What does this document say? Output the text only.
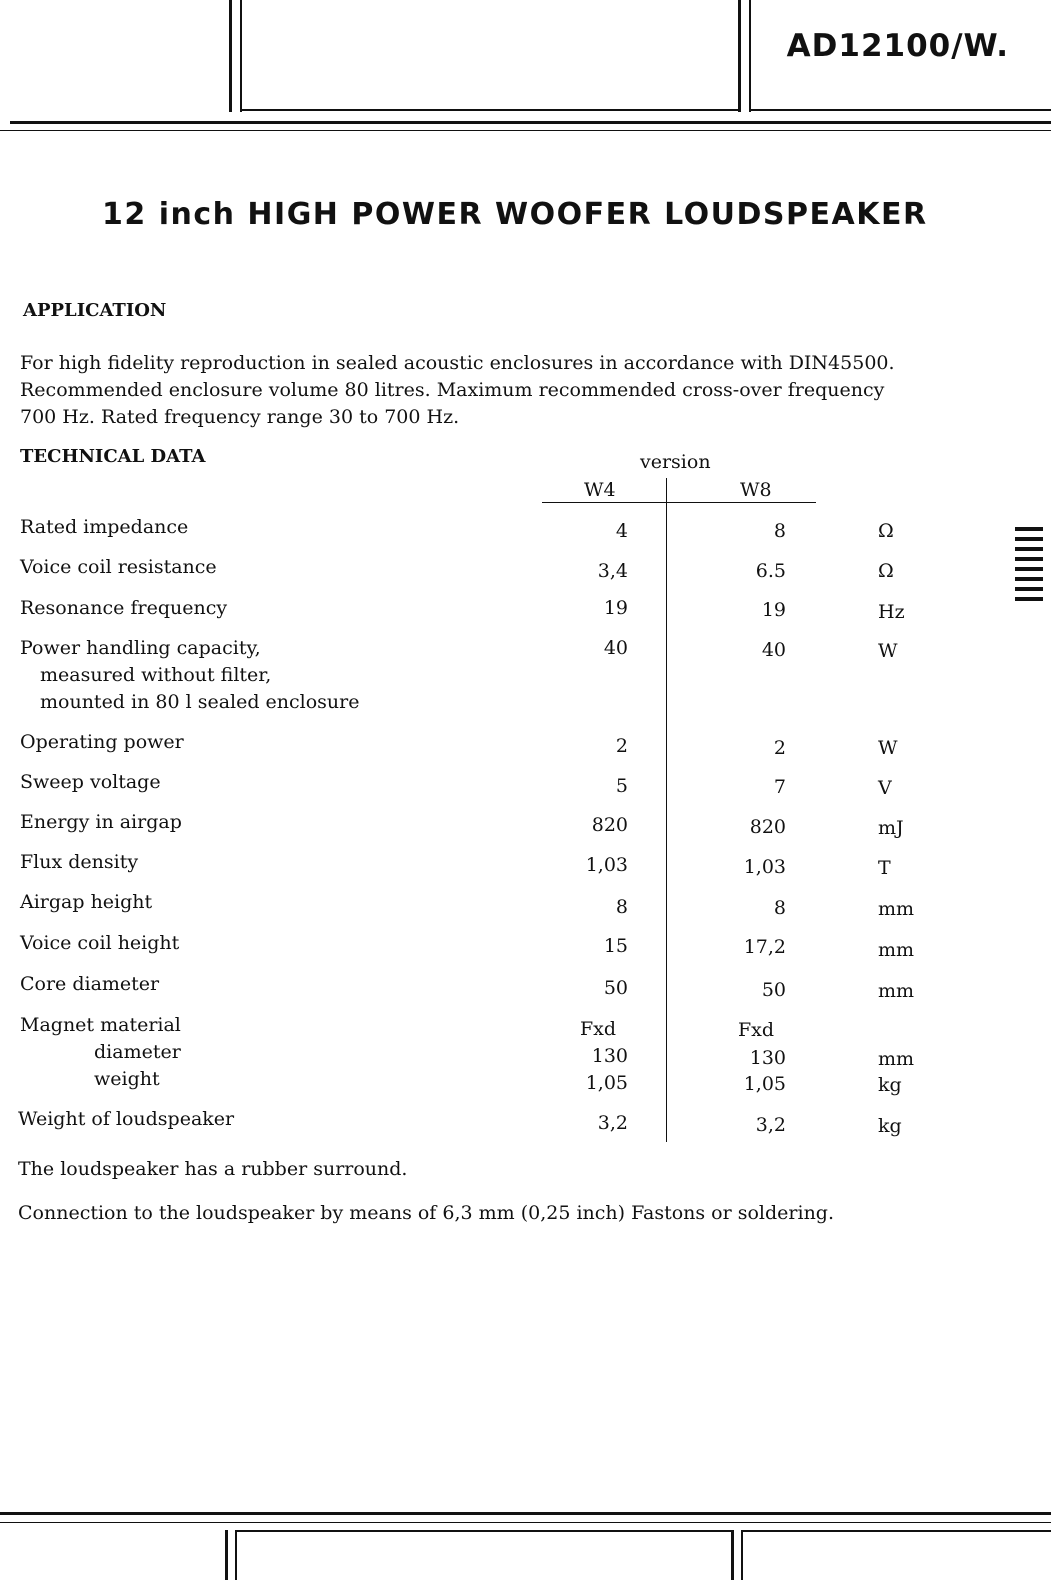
AD12100/W.
12 inch HIGH POWER WOOFER LOUDSPEAKER
APPLICATION
For high fidelity reproduction in sealed acoustic enclosures in accordance with DIN45500.
Recommended enclosure volume 80 litres. Maximum recommended cross-over frequency
700 Hz. Rated frequency range 30 to 700 Hz.
TECHNICAL DATA	version
W4	W8
Rated impedance	4	8	Ω
Voice coil resistance	3,4	6.5	Ω
Resonance frequency	19	19	Hz
Power handling capacity,
measured without filter,
mounted in 80 l sealed enclosure
40	40	W
Operating power	2	2	W
Sweep voltage	5	7	V
Energy in airgap	820	820	mJ
Flux density	1,03	1,03	T
Airgap height	8	8	mm
Voice coil height	15	17,2	mm
Core diameter	50	50	mm
Magnet material	Fxd	Fxd
diameter	130	130	mm
weight	1,05	1,05	kg
Weight of loudspeaker	3,2	3,2	kg
The loudspeaker has a rubber surround.
Connection to the loudspeaker by means of 6,3 mm (0,25 inch) Fastons or soldering.
